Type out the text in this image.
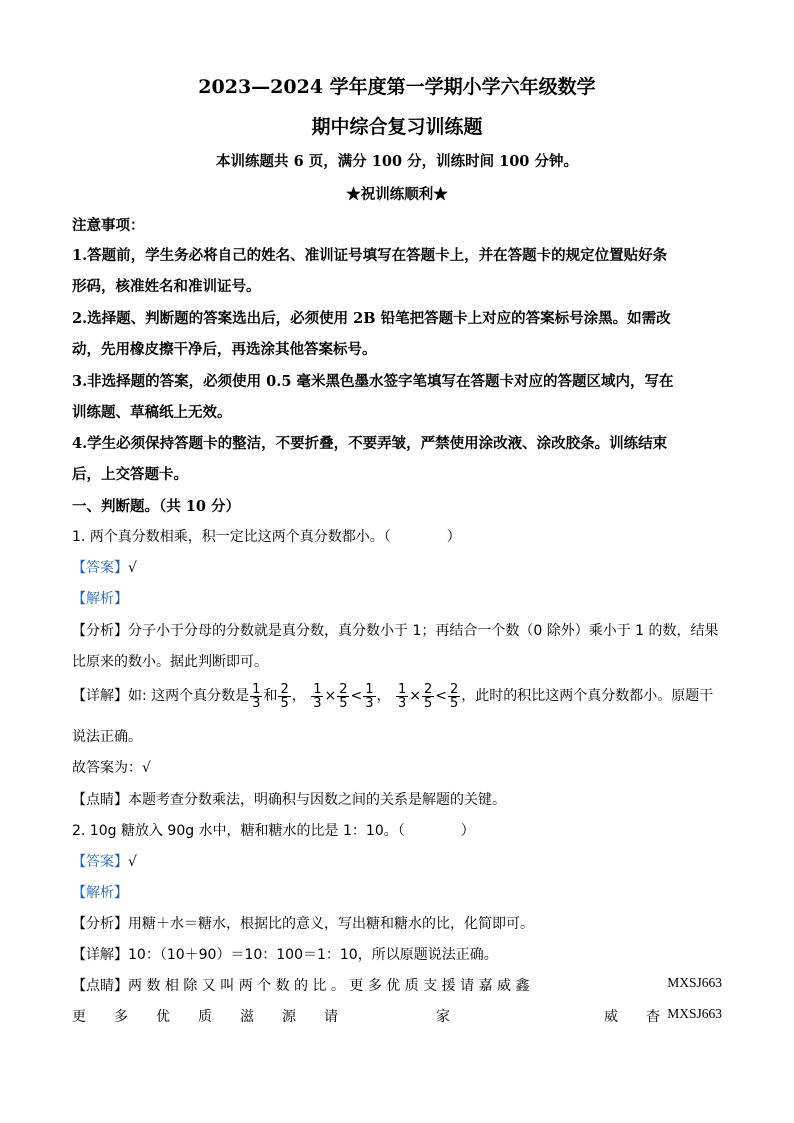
2023—2024 学年度第一学期小学六年级数学
期中综合复习训练题
本训练题共 6 页，满分 100 分，训练时间 100 分钟。
★祝训练顺利★
注意事项：
1.答题前，学生务必将自己的姓名、准训证号填写在答题卡上，并在答题卡的规定位置贴好条
形码，核准姓名和准训证号。
2.选择题、判断题的答案选出后，必须使用 2B 铅笔把答题卡上对应的答案标号涂黑。如需改
动，先用橡皮擦干净后，再选涂其他答案标号。
3.非选择题的答案，必须使用 0.5 毫米黑色墨水签字笔填写在答题卡对应的答题区域内，写在
训练题、草稿纸上无效。
4.学生必须保持答题卡的整洁，不要折叠，不要弄皱，严禁使用涂改液、涂改胶条。训练结束
后，上交答题卡。
一、判断题。（共 10 分）
1. 两个真分数相乘，积一定比这两个真分数都小。（　　　　）
【答案】√
【解析】
【分析】分子小于分母的分数就是真分数，真分数小于 1；再结合一个数（0 除外）乘小于 1 的数，结果
比原来的数小。据此判断即可。
【详解】如: 这两个真分数是 $\frac{1}{3}$ 和 $\frac{2}{5}$ ， $\frac{1}{3} \times \frac{2}{5} < \frac{1}{3}$ ， $\frac{1}{3} \times \frac{2}{5} < \frac{2}{5}$ ，此时的积比这两个真分数都小。原题干
说法正确。
故答案为：√
【点睛】本题考查分数乘法，明确积与因数之间的关系是解题的关键。
2. 10g 糖放入 90g 水中，糖和糖水的比是 1：10。（　　　　）
【答案】√
【解析】
【分析】用糖＋水＝糖水，根据比的意义，写出糖和糖水的比，化简即可。
【详解】10：（10＋90）＝10：100＝1：10，所以原题说法正确。
【点睛】两 数 相 除 又 叫 两 个 数 的 比 。 更 多 优 质 支 援 请 嘉 威 鑫	MXSJ663
更　　多　　优　　质　　滋　　源　　请　　　　　　　家　　　　　　　　　　　威　　杳 MXSJ663
